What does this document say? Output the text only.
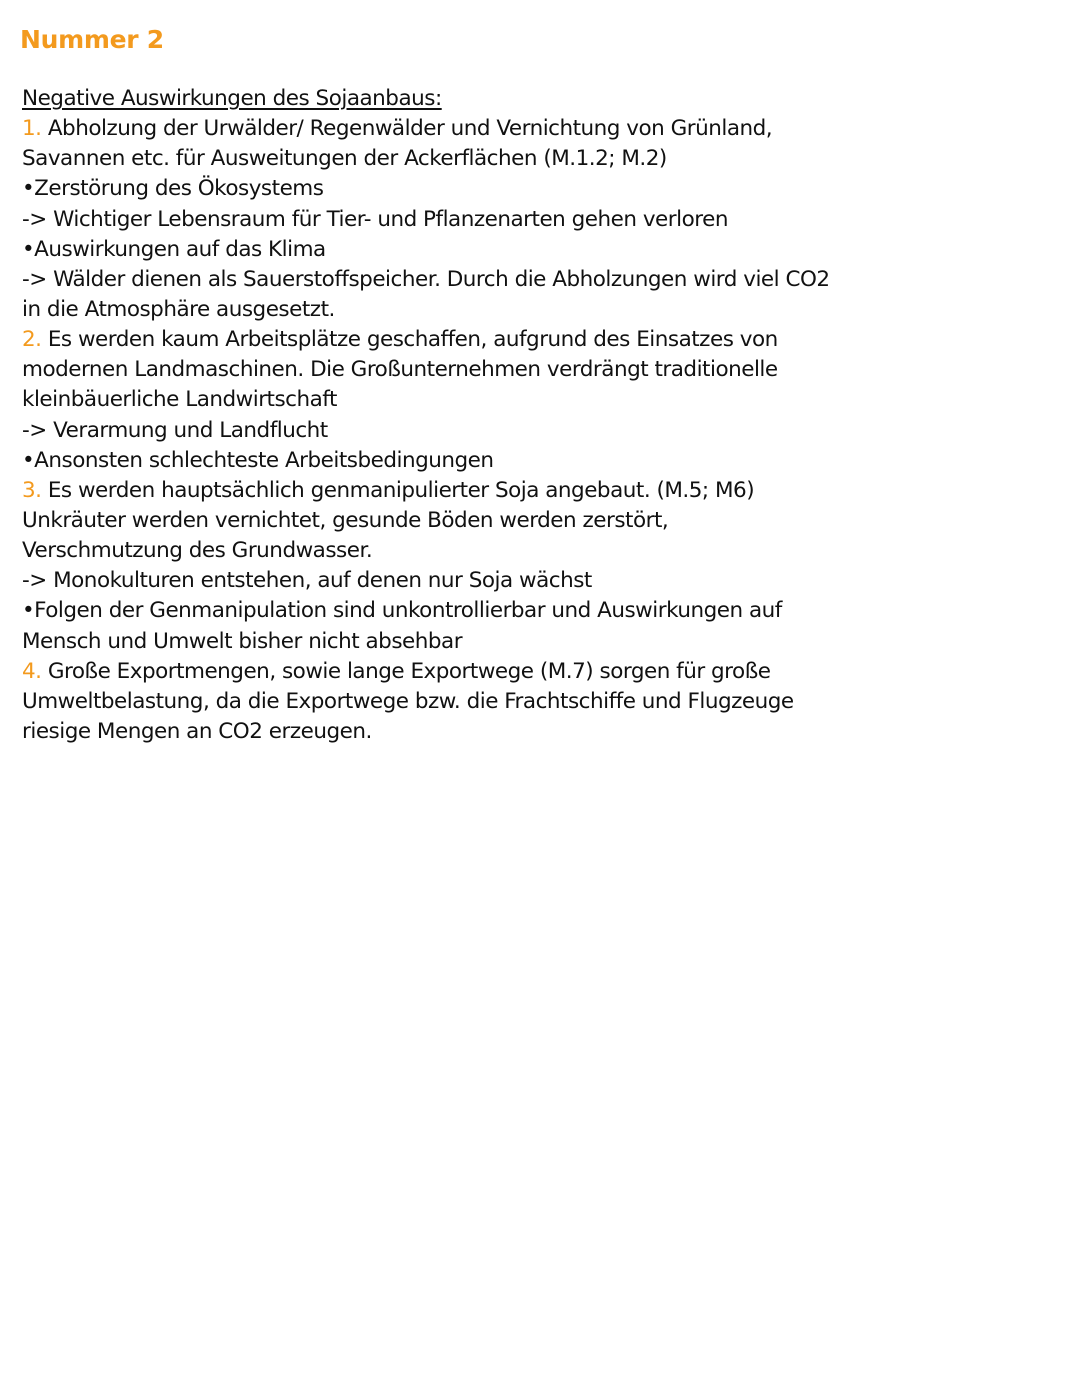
Nummer 2
Negative Auswirkungen des Sojaanbaus:
1. Abholzung der Urwälder/ Regenwälder und Vernichtung von Grünland,
Savannen etc. für Ausweitungen der Ackerflächen (M.1.2; M.2)
•Zerstörung des Ökosystems
-> Wichtiger Lebensraum für Tier- und Pflanzenarten gehen verloren
•Auswirkungen auf das Klima
-> Wälder dienen als Sauerstoffspeicher. Durch die Abholzungen wird viel CO2
in die Atmosphäre ausgesetzt.
2. Es werden kaum Arbeitsplätze geschaffen, aufgrund des Einsatzes von
modernen Landmaschinen. Die Großunternehmen verdrängt traditionelle
kleinbäuerliche Landwirtschaft
-> Verarmung und Landflucht
•Ansonsten schlechteste Arbeitsbedingungen
3. Es werden hauptsächlich genmanipulierter Soja angebaut. (M.5; M6)
Unkräuter werden vernichtet, gesunde Böden werden zerstört,
Verschmutzung des Grundwasser.
-> Monokulturen entstehen, auf denen nur Soja wächst
•Folgen der Genmanipulation sind unkontrollierbar und Auswirkungen auf
Mensch und Umwelt bisher nicht absehbar
4. Große Exportmengen, sowie lange Exportwege (M.7) sorgen für große
Umweltbelastung, da die Exportwege bzw. die Frachtschiffe und Flugzeuge
riesige Mengen an CO2 erzeugen.
